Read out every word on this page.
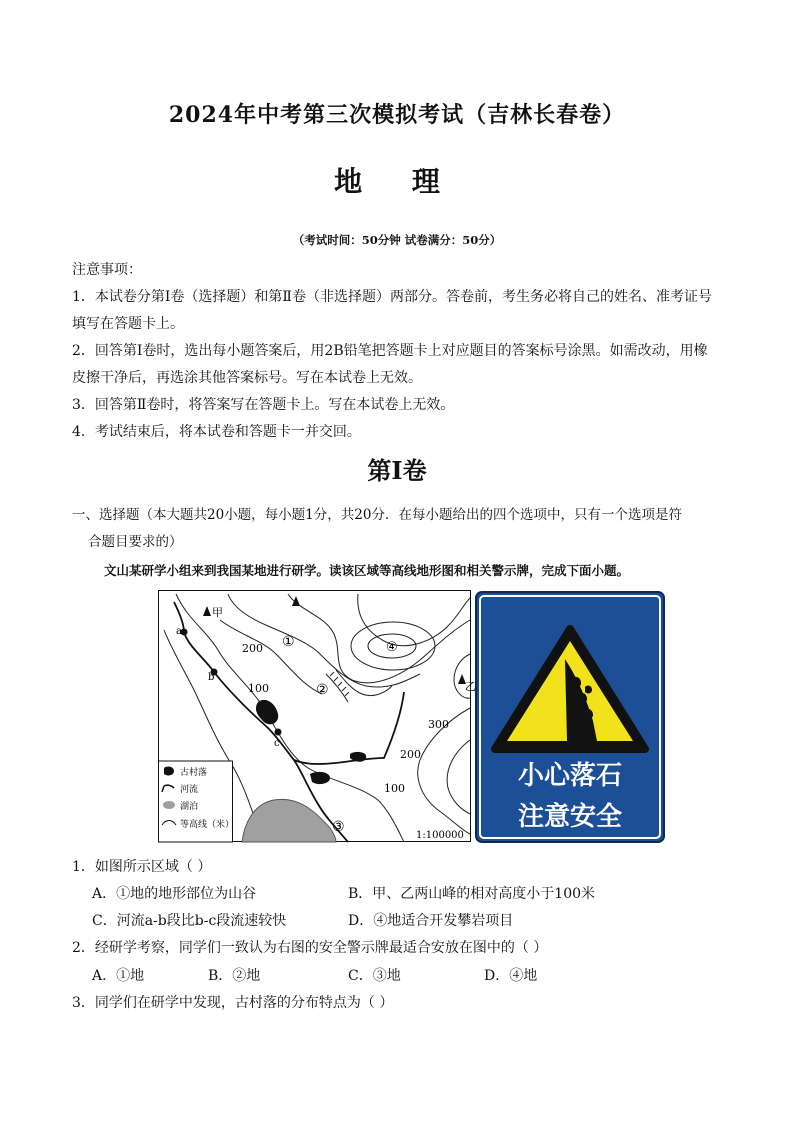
2024年中考第三次模拟考试（吉林长春卷）
地 理
（考试时间：50分钟 试卷满分：50分）
注意事项：
1．本试卷分第Ⅰ卷（选择题）和第Ⅱ卷（非选择题）两部分。答卷前，考生务必将自己的姓名、准考证号
填写在答题卡上。
2．回答第Ⅰ卷时，选出每小题答案后，用2B铅笔把答题卡上对应题目的答案标号涂黑。如需改动，用橡
皮擦干净后，再选涂其他答案标号。写在本试卷上无效。
3．回答第Ⅱ卷时，将答案写在答题卡上。写在本试卷上无效。
4．考试结束后，将本试卷和答题卡一并交回。
第Ⅰ卷
一、选择题（本大题共20小题，每小题1分，共20分．在每小题给出的四个选项中，只有一个选项是符
合题目要求的）
文山某研学小组来到我国某地进行研学。读该区域等高线地形图和相关警示牌，完成下面小题。
古村落
河流
湖泊
等高线（米）
甲
乙
a
b
c
①
②
③
④
200
100
300
200
100
1:100000
小心落石
注意安全
1．如图所示区域（ ）
A．①地的地形部位为山谷	B．甲、乙两山峰的相对高度小于100米
C．河流a-b段比b-c段流速较快	D．④地适合开发攀岩项目
2．经研学考察，同学们一致认为右图的安全警示牌最适合安放在图中的（ ）
A．①地	B．②地	C．③地	D．④地
3．同学们在研学中发现，古村落的分布特点为（ ）
